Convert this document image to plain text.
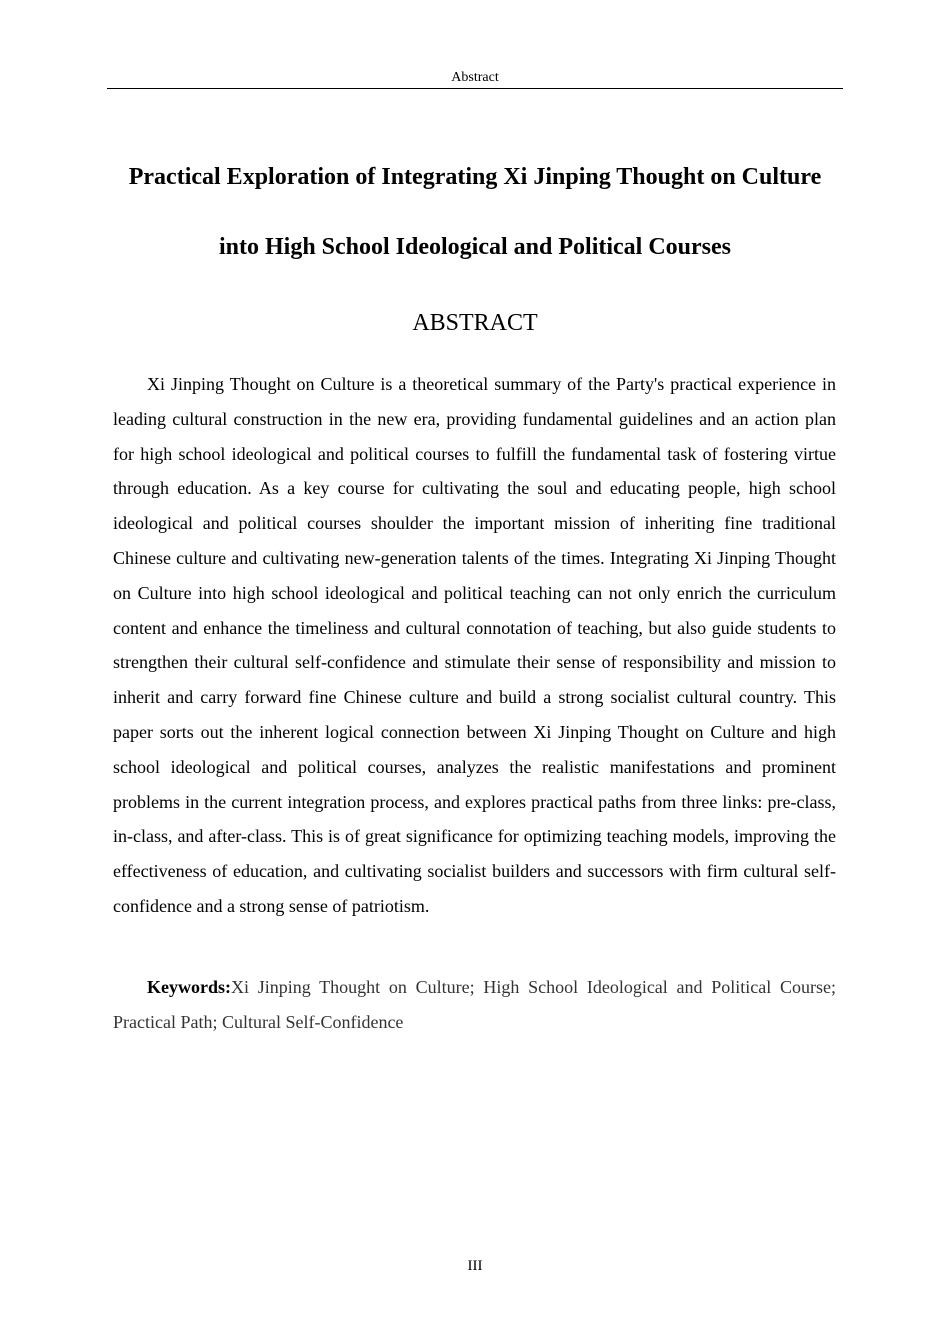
Abstract
Practical Exploration of Integrating Xi Jinping Thought on Culture into High School Ideological and Political Courses
ABSTRACT

Xi Jinping Thought on Culture is a theoretical summary of the Party's practical experience in leading cultural construction in the new era, providing fundamental guidelines and an action plan for high school ideological and political courses to fulfill the fundamental task of fostering virtue through education. As a key course for cultivating the soul and educating people, high school ideological and political courses shoulder the important mission of inheriting fine traditional Chinese culture and cultivating new-generation talents of the times. Integrating Xi Jinping Thought on Culture into high school ideological and political teaching can not only enrich the curriculum content and enhance the timeliness and cultural connotation of teaching, but also guide students to strengthen their cultural self-confidence and stimulate their sense of responsibility and mission to inherit and carry forward fine Chinese culture and build a strong socialist cultural country. This paper sorts out the inherent logical connection between Xi Jinping Thought on Culture and high school ideological and political courses, analyzes the realistic manifestations and prominent problems in the current integration process, and explores practical paths from three links: pre-class, in-class, and after-class. This is of great significance for optimizing teaching models, improving the effectiveness of education, and cultivating socialist builders and successors with firm cultural self-confidence and a strong sense of patriotism.

Keywords:Xi Jinping Thought on Culture; High School Ideological and Political Course; Practical Path; Cultural Self-Confidence

III
